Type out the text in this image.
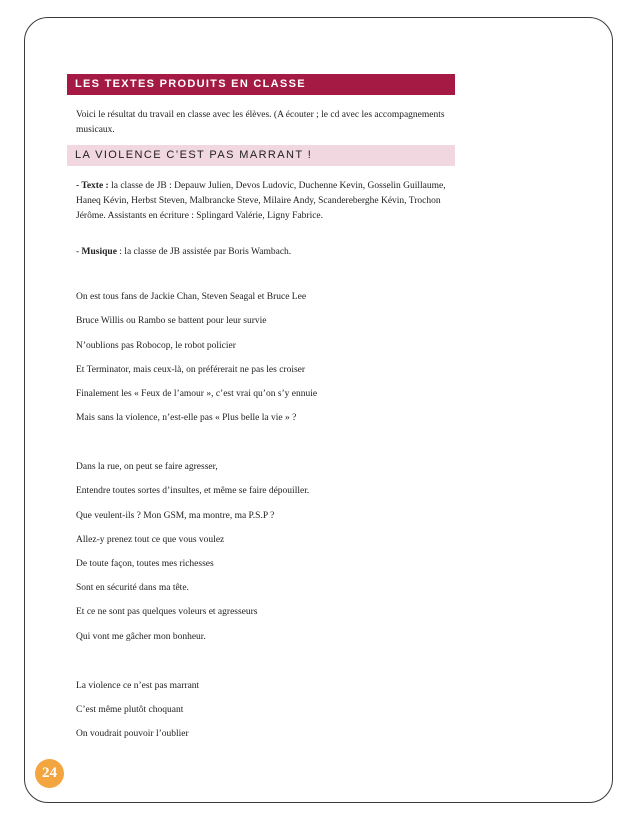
LES TEXTES PRODUITS EN CLASSE
Voici le résultat du travail en classe avec les élèves. (A écouter ; le cd avec les accompagnements musicaux.
LA VIOLENCE C’EST PAS MARRANT !
- Texte : la classe de JB : Depauw Julien, Devos Ludovic, Duchenne Kevin, Gosselin Guillaume, Haneq Kévin, Herbst Steven, Malbrancke Steve, Milaire Andy, Scandereberghe Kévin, Trochon Jérôme. Assistants en écriture : Splingard Valérie, Ligny Fabrice.
- Musique : la classe de JB assistée par Boris Wambach.
On est tous fans de Jackie Chan, Steven Seagal et Bruce Lee
Bruce Willis ou Rambo se battent pour leur survie
N’oublions pas Robocop, le robot policier
Et Terminator, mais ceux-là, on préférerait ne pas les croiser
Finalement les « Feux de l’amour », c’est vrai qu’on s’y ennuie
Mais sans la violence, n’est-elle pas « Plus belle la vie » ?
Dans la rue, on peut se faire agresser,
Entendre toutes sortes d’insultes, et même se faire dépouiller.
Que veulent-ils ? Mon GSM, ma montre, ma P.S.P ?
Allez-y prenez tout ce que vous voulez
De toute façon, toutes mes richesses
Sont en sécurité dans ma tête.
Et ce ne sont pas quelques voleurs et agresseurs
Qui vont me gâcher mon bonheur.
La violence ce n’est pas marrant
C’est même plutôt choquant
On voudrait pouvoir l’oublier
24
